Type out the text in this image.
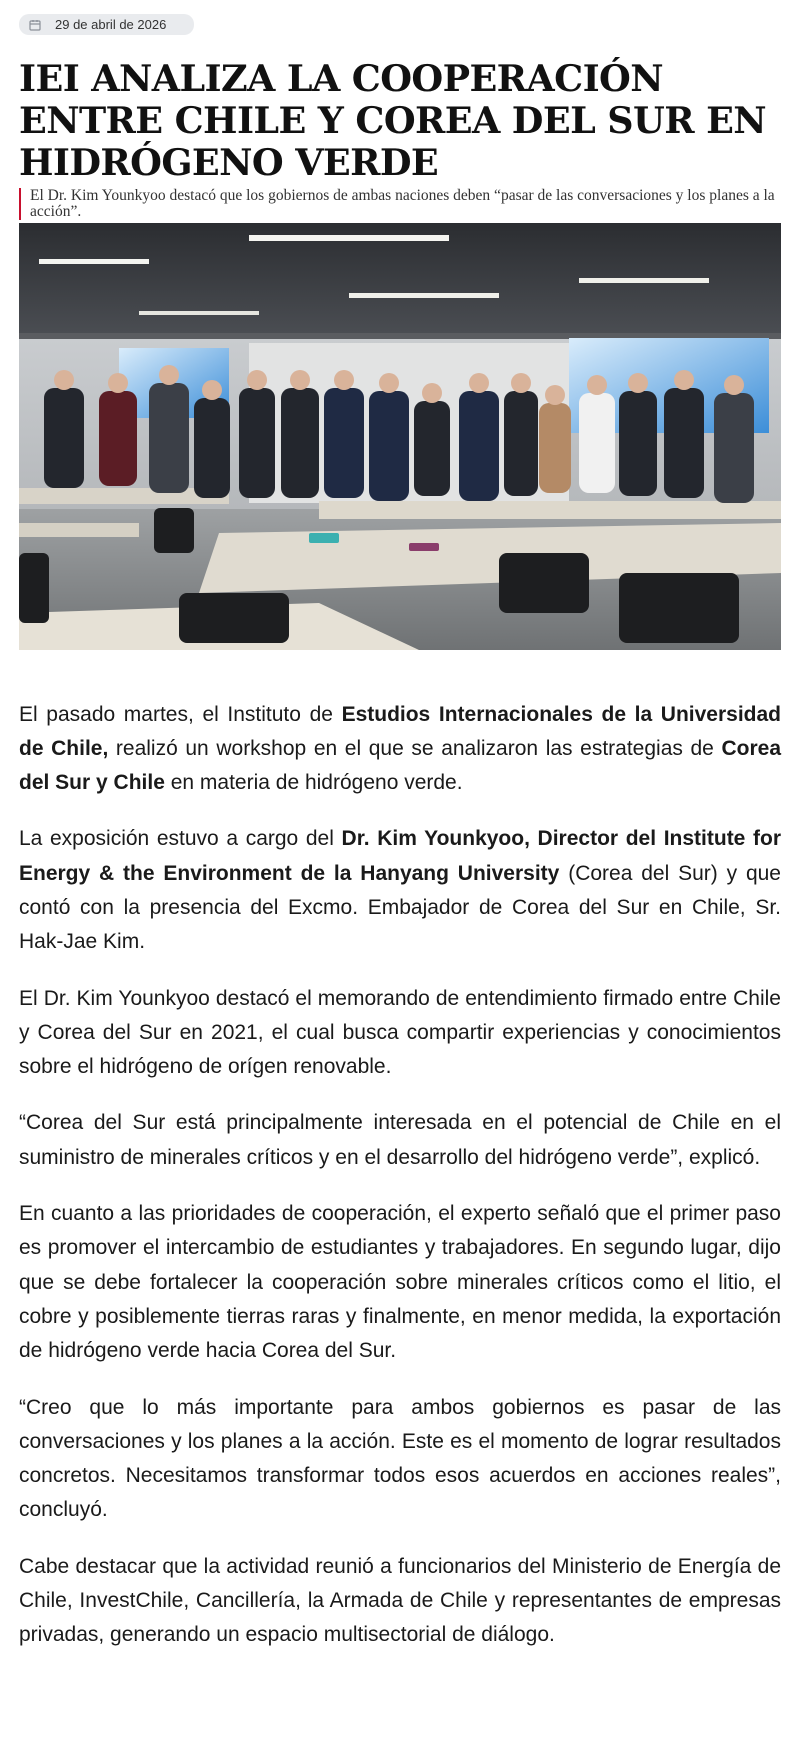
29 de abril de 2026
IEI ANALIZA LA COOPERACIÓN ENTRE CHILE Y COREA DEL SUR EN HIDRÓGENO VERDE
El Dr. Kim Younkyoo destacó que los gobiernos de ambas naciones deben “pasar de las conversaciones y los planes a la acción”.

El pasado martes, el Instituto de Estudios Internacionales de la Universidad de Chile, realizó un workshop en el que se analizaron las estrategias de Corea del Sur y Chile en materia de hidrógeno verde.

La exposición estuvo a cargo del Dr. Kim Younkyoo, Director del Institute for Energy & the Environment de la Hanyang University (Corea del Sur) y que contó con la presencia del Excmo. Embajador de Corea del Sur en Chile, Sr. Hak-Jae Kim.

El Dr. Kim Younkyoo destacó el memorando de entendimiento firmado entre Chile y Corea del Sur en 2021, el cual busca compartir experiencias y conocimientos sobre el hidrógeno de orígen renovable.

“Corea del Sur está principalmente interesada en el potencial de Chile en el suministro de minerales críticos y en el desarrollo del hidrógeno verde”, explicó.

En cuanto a las prioridades de cooperación, el experto señaló que el primer paso es promover el intercambio de estudiantes y trabajadores. En segundo lugar, dijo que se debe fortalecer la cooperación sobre minerales críticos como el litio, el cobre y posiblemente tierras raras y finalmente, en menor medida, la exportación de hidrógeno verde hacia Corea del Sur.

“Creo que lo más importante para ambos gobiernos es pasar de las conversaciones y los planes a la acción. Este es el momento de lograr resultados concretos. Necesitamos transformar todos esos acuerdos en acciones reales”, concluyó.

Cabe destacar que la actividad reunió a funcionarios del Ministerio de Energía de Chile, InvestChile, Cancillería, la Armada de Chile y representantes de empresas privadas, generando un espacio multisectorial de diálogo.
